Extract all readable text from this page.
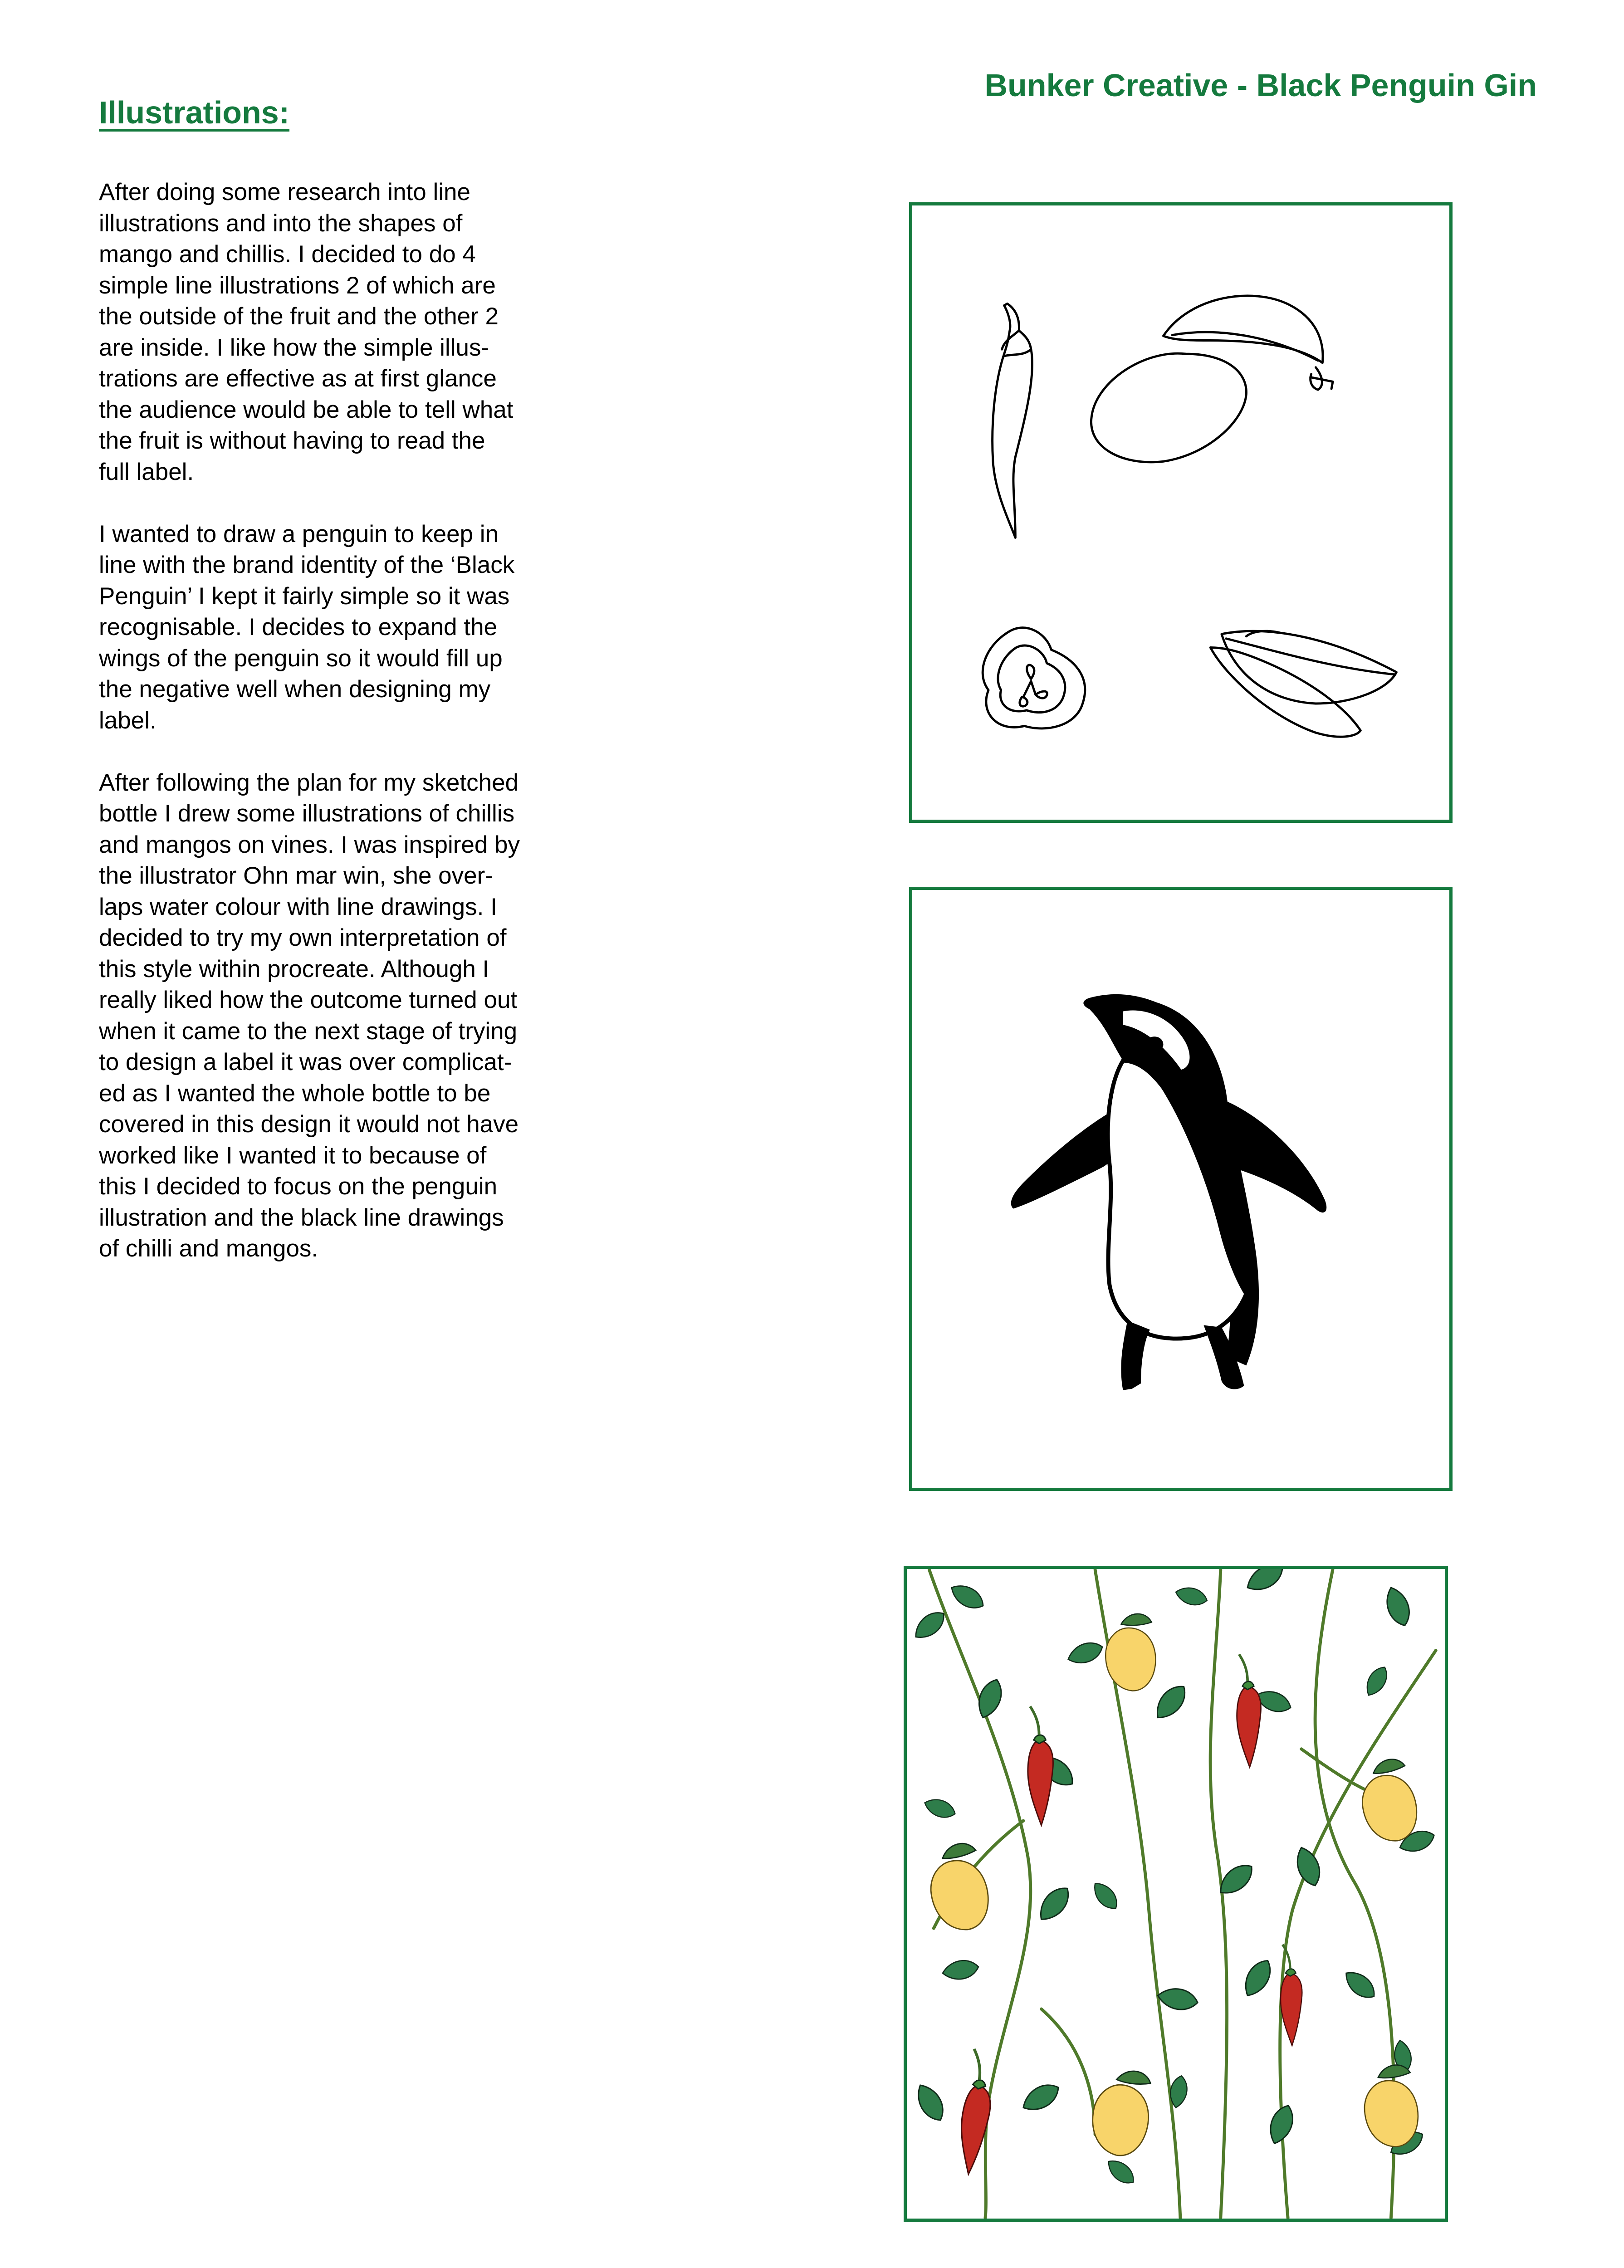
Bunker Creative - Black Penguin Gin
Illustrations:

After doing some research into line
illustrations and into the shapes of
mango and chillis. I decided to do 4
simple line illustrations 2 of which are
the outside of the fruit and the other 2
are inside. I like how the simple illus-
trations are effective as at first glance
the audience would be able to tell what
the fruit is without having to read the
full label.

I wanted to draw a penguin to keep in
line with the brand identity of the ‘Black
Penguin’ I kept it fairly simple so it was
recognisable. I decides to expand the
wings of the penguin so it would fill up
the negative well when designing my
label.

After following the plan for my sketched
bottle I drew some illustrations of chillis
and mangos on vines. I was inspired by
the illustrator Ohn mar win, she over-
laps water colour with line drawings. I
decided to try my own interpretation of
this style within procreate. Although I
really liked how the outcome turned out
when it came to the next stage of trying
to design a label it was over complicat-
ed as I wanted the whole bottle to be
covered in this design it would not have
worked like I wanted it to because of
this I decided to focus on the penguin
illustration and the black line drawings
of chilli and mangos.
